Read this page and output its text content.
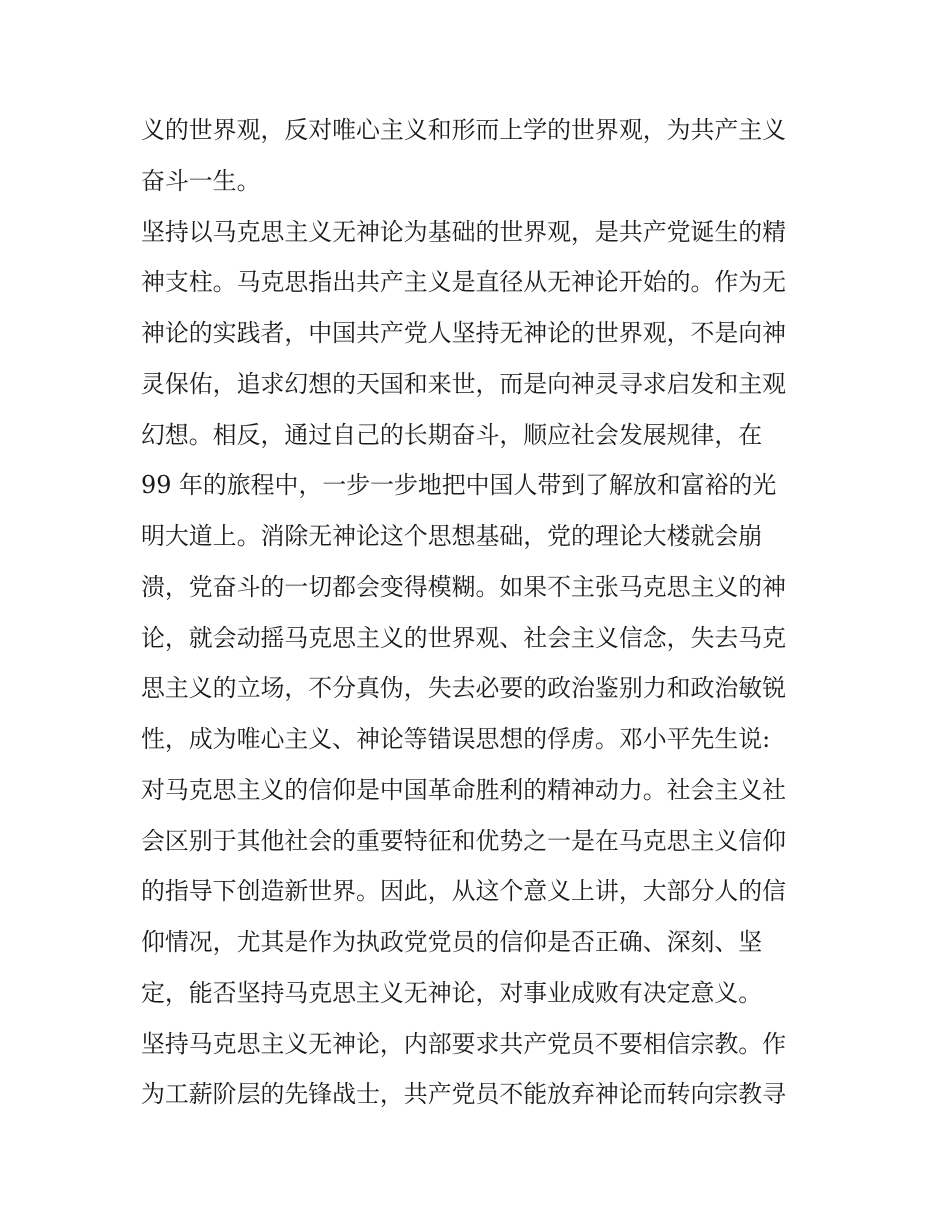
义的世界观，反对唯心主义和形而上学的世界观，为共产主义
奋斗一生。
坚持以马克思主义无神论为基础的世界观，是共产党诞生的精
神支柱。马克思指出共产主义是直径从无神论开始的。作为无
神论的实践者，中国共产党人坚持无神论的世界观，不是向神
灵保佑，追求幻想的天国和来世，而是向神灵寻求启发和主观
幻想。相反，通过自己的长期奋斗，顺应社会发展规律，在
99 年的旅程中，一步一步地把中国人带到了解放和富裕的光
明大道上。消除无神论这个思想基础，党的理论大楼就会崩
溃，党奋斗的一切都会变得模糊。如果不主张马克思主义的神
论，就会动摇马克思主义的世界观、社会主义信念，失去马克
思主义的立场，不分真伪，失去必要的政治鉴别力和政治敏锐
性，成为唯心主义、神论等错误思想的俘虏。邓小平先生说:
对马克思主义的信仰是中国革命胜利的精神动力。社会主义社
会区别于其他社会的重要特征和优势之一是在马克思主义信仰
的指导下创造新世界。因此，从这个意义上讲，大部分人的信
仰情况，尤其是作为执政党党员的信仰是否正确、深刻、坚
定，能否坚持马克思主义无神论，对事业成败有决定意义。
坚持马克思主义无神论，内部要求共产党员不要相信宗教。作
为工薪阶层的先锋战士，共产党员不能放弃神论而转向宗教寻
